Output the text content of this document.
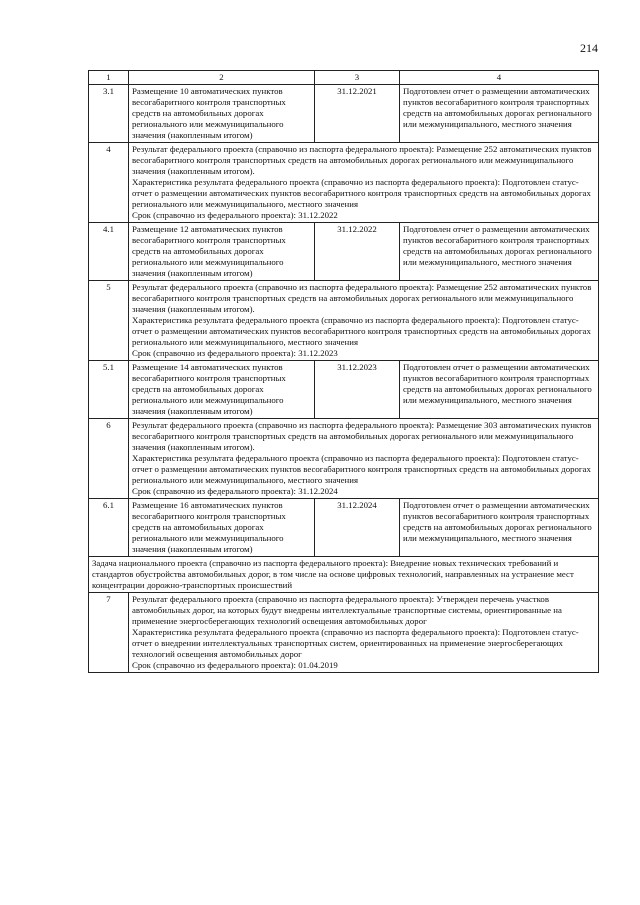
214
1	2	3	4
3.1	Размещение 10 автоматических пунктов весогабаритного контроля транспортных средств на автомобильных дорогах регионального или межмуниципального значения (накопленным итогом)	31.12.2021	Подготовлен отчет о размещении автоматических пунктов весогабаритного контроля транспортных средств на автомобильных дорогах регионального или межмуниципального, местного значения
4	Результат федерального проекта (справочно из паспорта федерального проекта): Размещение 252 автоматических пунктов весогабаритного контроля транспортных средств на автомобильных дорогах регионального или межмуниципального значения (накопленным итогом).
Характеристика результата федерального проекта (справочно из паспорта федерального проекта): Подготовлен статус-отчет о размещении автоматических пунктов весогабаритного контроля транспортных средств на автомобильных дорогах регионального или межмуниципального, местного значения
Срок (справочно из федерального проекта): 31.12.2022		

4.1	Размещение 12 автоматических пунктов весогабаритного контроля транспортных средств на автомобильных дорогах регионального или межмуниципального значения (накопленным итогом)	31.12.2022	Подготовлен отчет о размещении автоматических пунктов весогабаритного контроля транспортных средств на автомобильных дорогах регионального или межмуниципального, местного значения
5	Результат федерального проекта (справочно из паспорта федерального проекта): Размещение 252 автоматических пунктов весогабаритного контроля транспортных средств на автомобильных дорогах регионального или межмуниципального значения (накопленным итогом).
Характеристика результата федерального проекта (справочно из паспорта федерального проекта): Подготовлен статус-отчет о размещении автоматических пунктов весогабаритного контроля транспортных средств на автомобильных дорогах регионального или межмуниципального, местного значения
Срок (справочно из федерального проекта): 31.12.2023		

5.1	Размещение 14 автоматических пунктов весогабаритного контроля транспортных средств на автомобильных дорогах регионального или межмуниципального значения (накопленным итогом)	31.12.2023	Подготовлен отчет о размещении автоматических пунктов весогабаритного контроля транспортных средств на автомобильных дорогах регионального или межмуниципального, местного значения
6	Результат федерального проекта (справочно из паспорта федерального проекта): Размещение 303 автоматических пунктов весогабаритного контроля транспортных средств на автомобильных дорогах регионального или межмуниципального значения (накопленным итогом).
Характеристика результата федерального проекта (справочно из паспорта федерального проекта): Подготовлен статус-отчет о размещении автоматических пунктов весогабаритного контроля транспортных средств на автомобильных дорогах регионального или межмуниципального, местного значения
Срок (справочно из федерального проекта): 31.12.2024		

6.1	Размещение 16 автоматических пунктов весогабаритного контроля транспортных средств на автомобильных дорогах регионального или межмуниципального значения (накопленным итогом)	31.12.2024	Подготовлен отчет о размещении автоматических пунктов весогабаритного контроля транспортных средств на автомобильных дорогах регионального или межмуниципального, местного значения
Задача национального проекта (справочно из паспорта федерального проекта): Внедрение новых технических требований и стандартов обустройства автомобильных дорог, в том числе на основе цифровых технологий, направленных на устранение мест концентрации дорожно-транспортных происшествий			
7	Результат федерального проекта (справочно из паспорта федерального проекта): Утвержден перечень участков автомобильных дорог, на которых будут внедрены интеллектуальные транспортные системы, ориентированные на применение энергосберегающих технологий освещения автомобильных дорог
Характеристика результата федерального проекта (справочно из паспорта федерального проекта): Подготовлен статус-отчет о внедрении интеллектуальных транспортных систем, ориентированных на применение энергосберегающих технологий освещения автомобильных дорог
Срок (справочно из федерального проекта): 01.04.2019		
